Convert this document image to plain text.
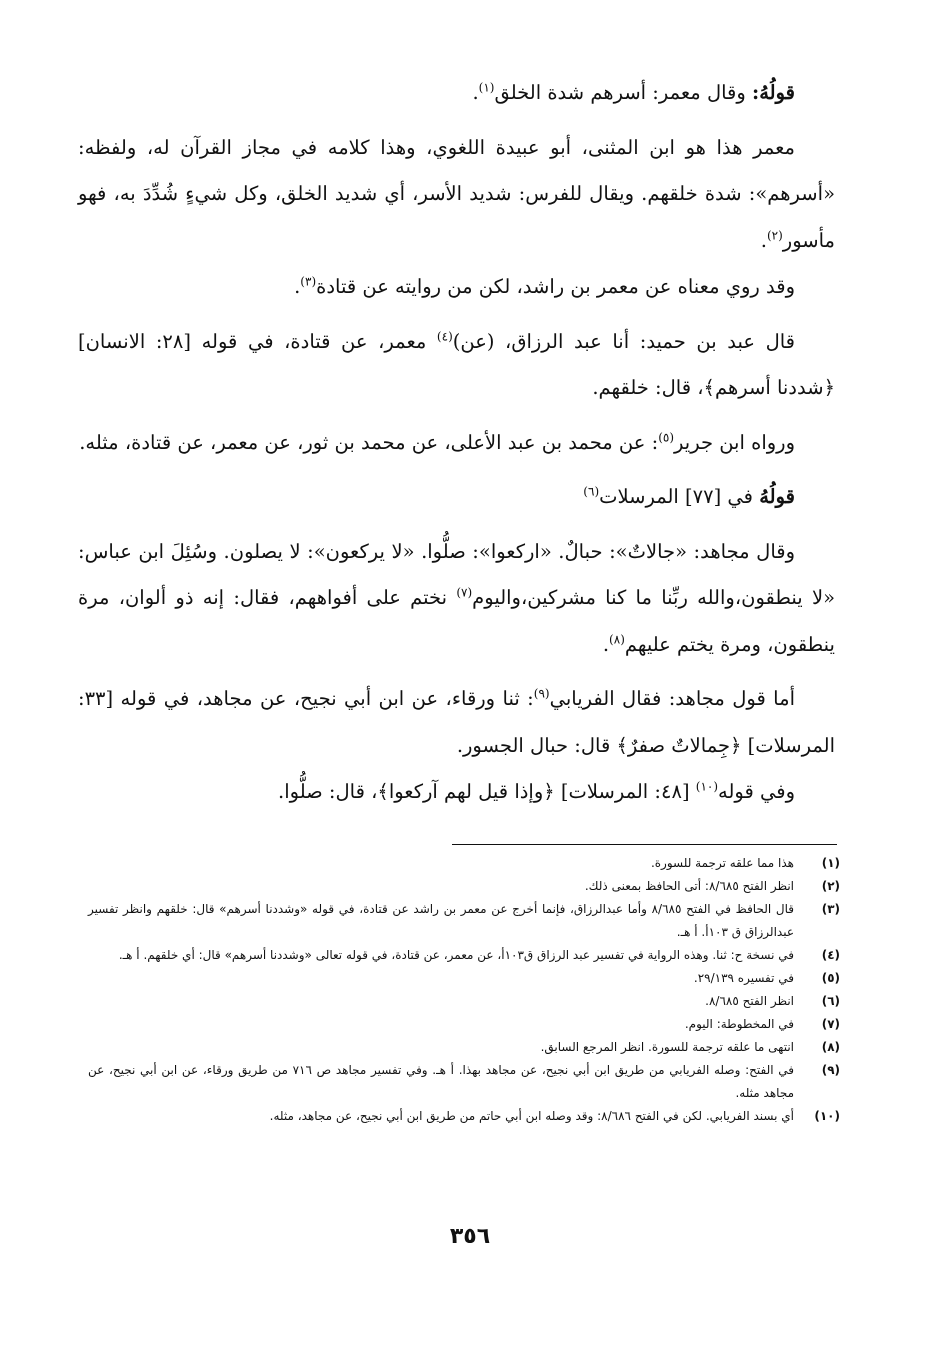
قولُهُ: وقال معمر: أسرهم شدة الخلق$^{(١)}$.

معمر هذا هو ابن المثنى، أبو عبيدة اللغوي، وهذا كلامه في مجاز القرآن له، ولفظه: «أسرهم»: شدة خلقهم. ويقال للفرس: شديد الأسر، أي شديد الخلق، وكل شيءٍ شُدِّدَ به، فهو مأسور$^{(٢)}$.

وقد روي معناه عن معمر بن راشد، لكن من روايته عن قتادة$^{(٣)}$.

قال عبد بن حميد: أنا عبد الرزاق، (عن)$^{(٤)}$ معمر، عن قتادة، في قوله [٢٨: الانسان] ﴿شددنا أسرهم﴾، قال: خلقهم.

ورواه ابن جرير$^{(٥)}$: عن محمد بن عبد الأعلى، عن محمد بن ثور، عن معمر، عن قتادة، مثله.

قولُهُ في [٧٧] المرسلات$^{(٦)}$

وقال مجاهد: «جالاتٌ»: حبالٌ. «اركعوا»: صلُّوا. «لا يركعون»: لا يصلون. وسُئِلَ ابن عباس: «لا ينطقون،والله ربِّنا ما كنا مشركين،واليوم$^{(٧)}$ نختم على أفواههم، فقال: إنه ذو ألوان، مرة ينطقون، ومرة يختم عليهم$^{(٨)}$.

أما قول مجاهد: فقال الفريابي$^{(٩)}$: ثنا ورقاء، عن ابن أبي نجيح، عن مجاهد، في قوله [٣٣: المرسلات] ﴿جِمالاتٌ صفرٌ﴾ قال: حبال الجسور.

وفي قوله$^{(١٠)}$ [٤٨: المرسلات] ﴿وإذا قيل لهم آركعوا﴾، قال: صلُّوا.

(١)
هذا مما علقه ترجمة للسورة.
(٢)
انظر الفتح ٨/٦٨٥: أتى الحافظ بمعنى ذلك.
(٣)
قال الحافظ في الفتح ٨/٦٨٥ وأما عبدالرزاق، فإنما أخرج عن معمر بن راشد عن قتادة، في قوله «وشددنا أسرهم» قال: خلقهم وانظر تفسير عبدالرزاق ق ١٠٣أ. أ هـ.
(٤)
في نسخة ح: ثنا. وهذه الرواية في تفسير عبد الرزاق ق١٠٣أ، عن معمر، عن قتادة، في قوله تعالى «وشددنا أسرهم» قال: أي خلقهم. أ هـ.
(٥)
في تفسيره ٢٩/١٣٩.
(٦)
انظر الفتح ٨/٦٨٥.
(٧)
في المخطوطة: اليوم.
(٨)
انتهى ما علقه ترجمة للسورة. انظر المرجع السابق.
(٩)
في الفتح: وصله الفريابي من طريق ابن أبي نجيح، عن مجاهد بهذا. أ هـ. وفي تفسير مجاهد ص ٧١٦ من طريق ورقاء، عن ابن أبي نجيح، عن مجاهد مثله.
(١٠)
أي بسند الفريابي. لكن في الفتح ٨/٦٨٦: وقد وصله ابن أبي حاتم من طريق ابن أبي نجيح، عن مجاهد، مثله.
٣٥٦
